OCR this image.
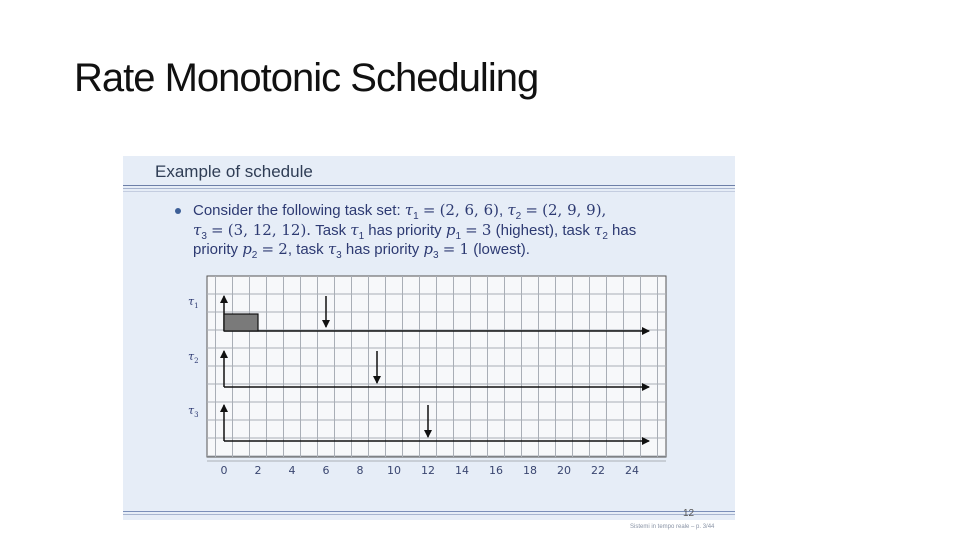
Rate Monotonic Scheduling
Example of schedule
Consider the following task set: $\tau_1 = (2$, 6, 6), $\tau_2 = (2$, 9, 9),
$\tau_3 = (3$, 12, 12). Task $\tau_1$ has priority $p_1 = 3$ (highest), task $\tau_2$ has
priority $p_2 = 2$, task $\tau_3$ has priority $p_3 = 1$ (lowest).
0 2 4 6 8 10 12 14 16 18 20 22 24
$\tau_1$
$\tau_2$
$\tau_3$
12
Sistemi in tempo reale – p. 3/44
